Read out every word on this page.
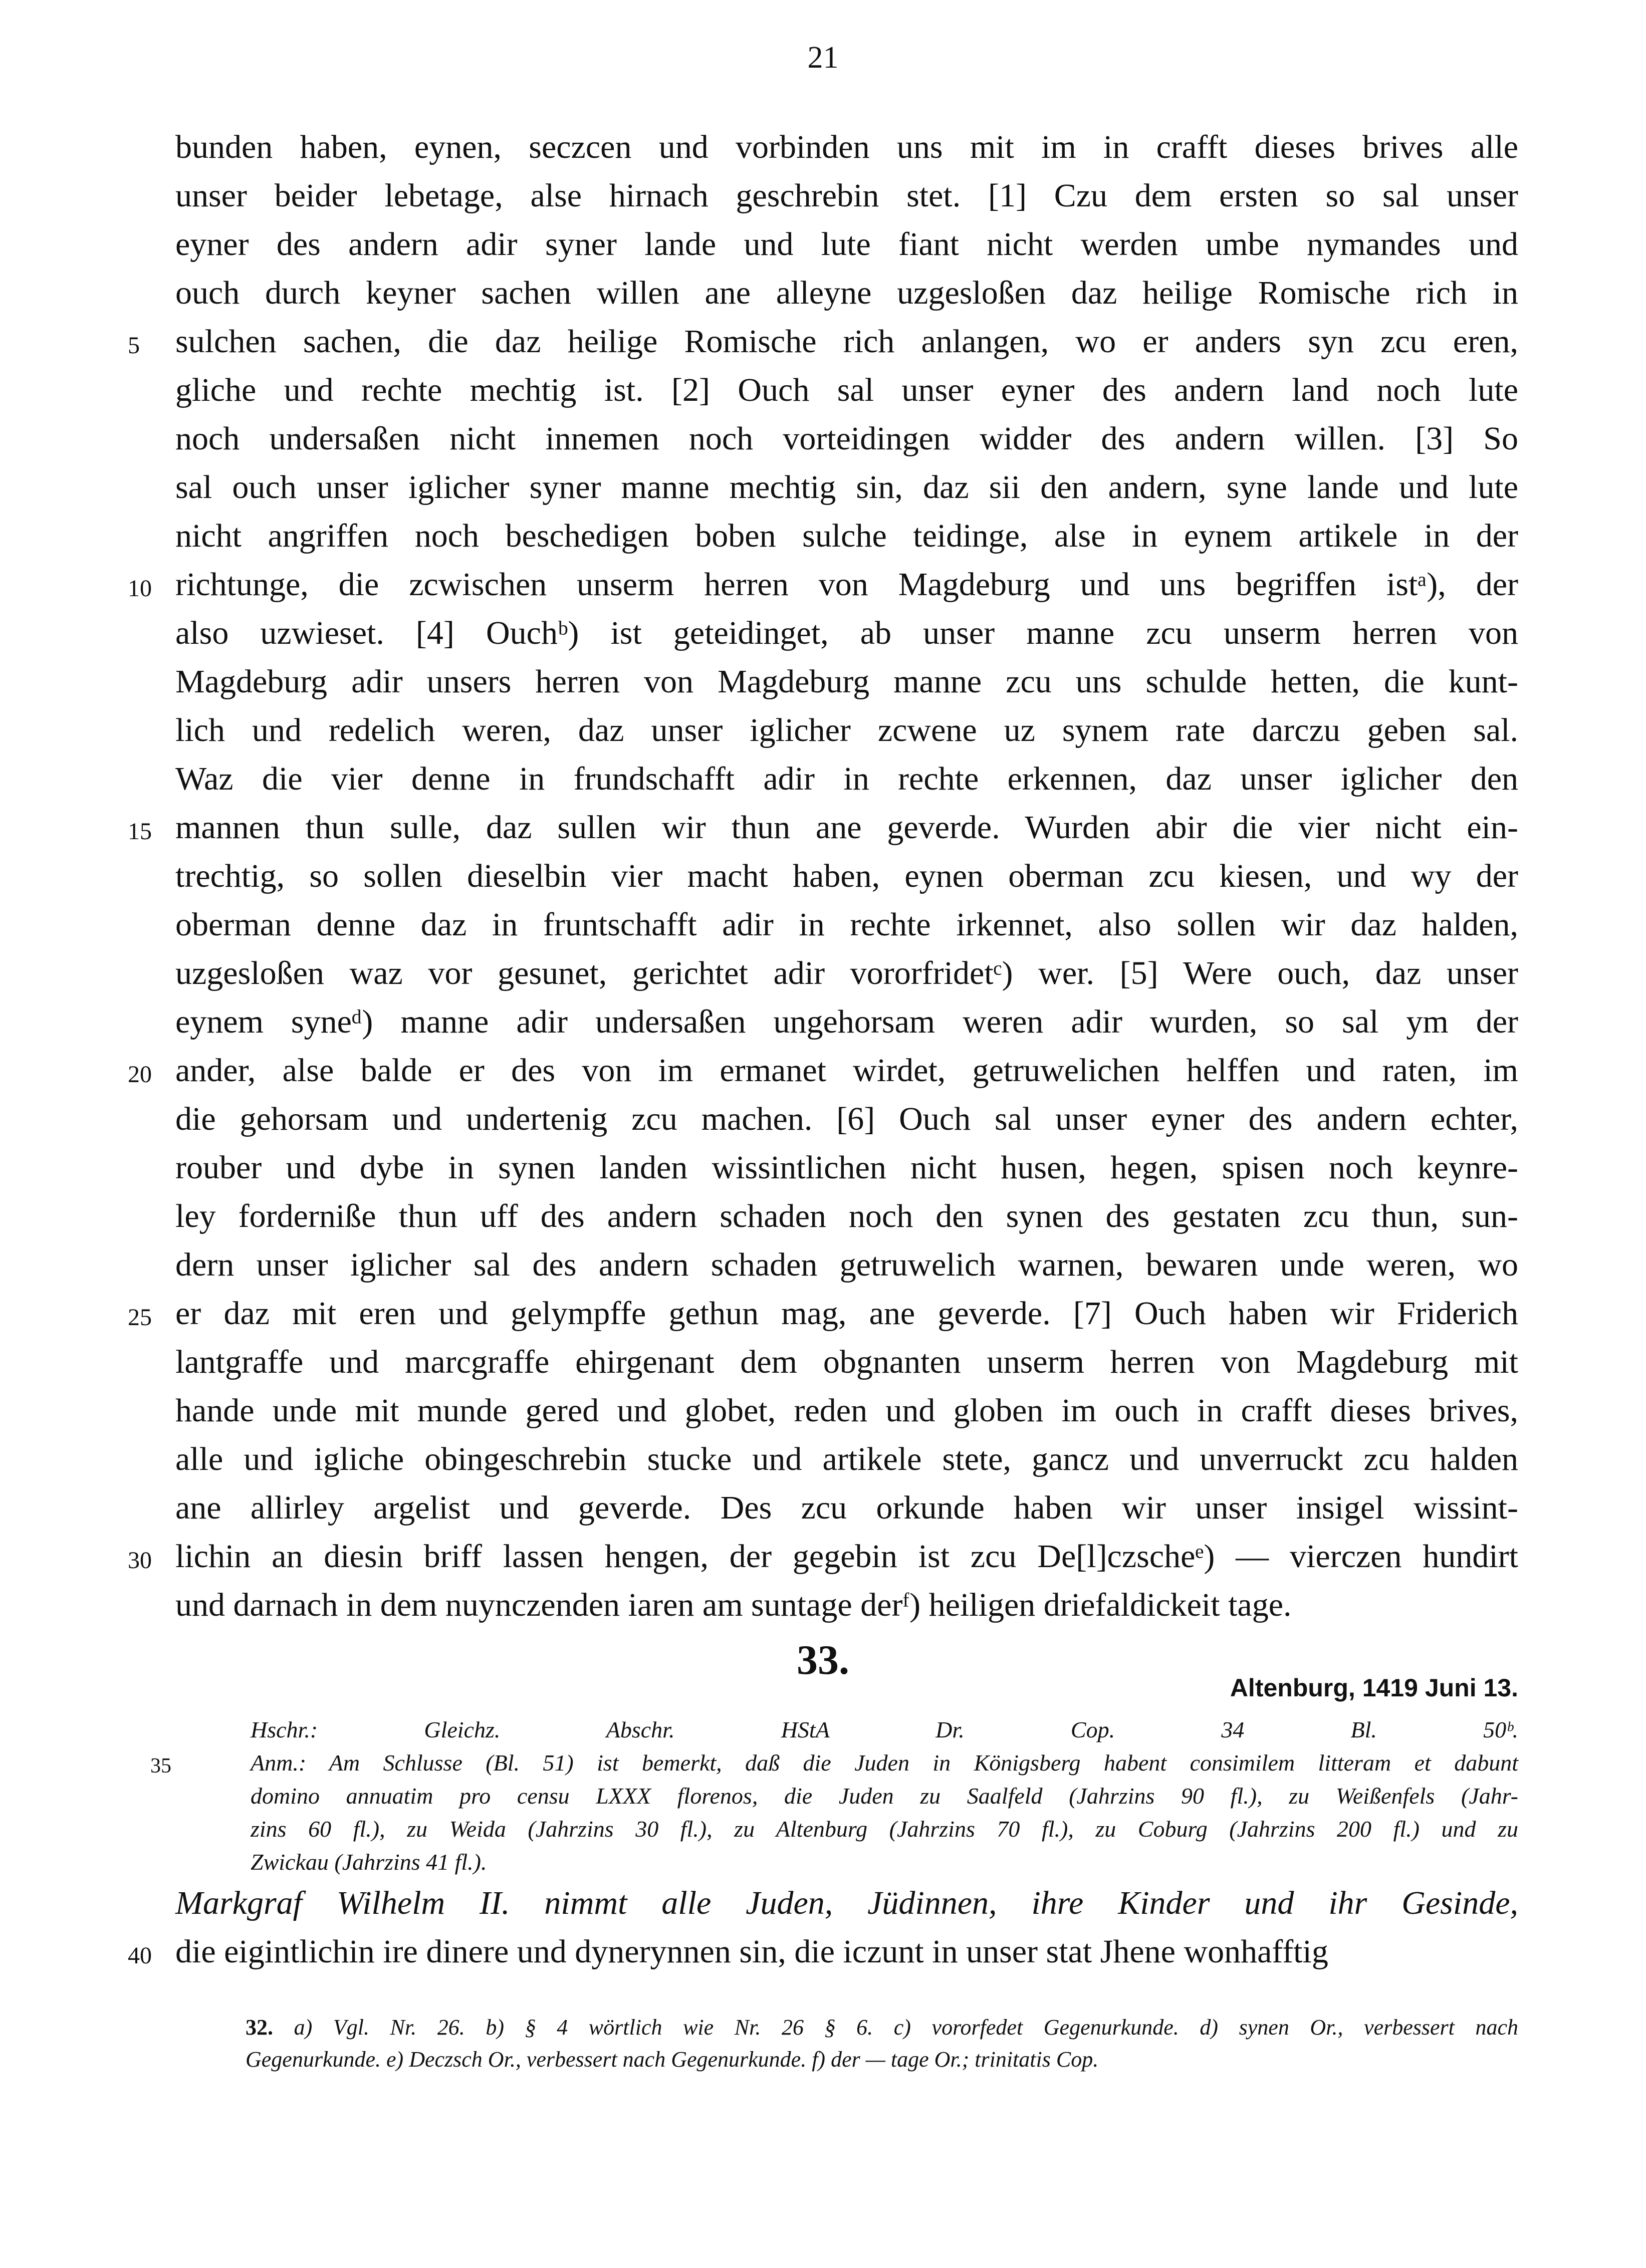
21
bunden haben, eynen, seczcen und vorbinden uns mit im in crafft dieses brives alle
unser beider lebetage, alse hirnach geschrebin stet. [1] Czu dem ersten so sal unser
eyner des andern adir syner lande und lute fiant nicht werden umbe nymandes und
ouch durch keyner sachen willen ane alleyne uzgesloßen daz heilige Romische rich in
5	sulchen sachen, die daz heilige Romische rich anlangen, wo er anders syn zcu eren,
gliche und rechte mechtig ist. [2] Ouch sal unser eyner des andern land noch lute
noch undersaßen nicht innemen noch vorteidingen widder des andern willen. [3] So
sal ouch unser iglicher syner manne mechtig sin, daz sii den andern, syne lande und lute
nicht angriffen noch beschedigen boben sulche teidinge, alse in eynem artikele in der
10 richtunge, die zcwischen unserm herren von Magdeburg und uns begriffen istᵃ), der
also uzwieset. [4] Ouchᵇ) ist geteidinget, ab unser manne zcu unserm herren von
Magdeburg adir unsers herren von Magdeburg manne zcu uns schulde hetten, die kunt-
lich und redelich weren, daz unser iglicher zcwene uz synem rate darczu geben sal.
Waz die vier denne in frundschafft adir in rechte erkennen, daz unser iglicher den
15 mannen thun sulle, daz sullen wir thun ane geverde. Wurden abir die vier nicht ein-
trechtig, so sollen dieselbin vier macht haben, eynen oberman zcu kiesen, und wy der
oberman denne daz in fruntschafft adir in rechte irkennet, also sollen wir daz halden,
uzgesloßen waz vor gesunet, gerichtet adir vororfridetᶜ) wer. [5] Were ouch, daz unser
eynem syneᵈ) manne adir undersaßen ungehorsam weren adir wurden, so sal ym der
20 ander, alse balde er des von im ermanet wirdet, getruwelichen helffen und raten, im
die gehorsam und undertenig zcu machen. [6] Ouch sal unser eyner des andern echter,
rouber und dybe in synen landen wissintlichen nicht husen, hegen, spisen noch keynre-
ley forderniße thun uff des andern schaden noch den synen des gestaten zcu thun, sun-
dern unser iglicher sal des andern schaden getruwelich warnen, bewaren unde weren, wo
25 er daz mit eren und gelympffe gethun mag, ane geverde. [7] Ouch haben wir Friderich
lantgraffe und marcgraffe ehirgenant dem obgnanten unserm herren von Magdeburg mit
hande unde mit munde gered und globet, reden und globen im ouch in crafft dieses brives,
alle und igliche obingeschrebin stucke und artikele stete, gancz und unverruckt zcu halden
ane allirley argelist und geverde. Des zcu orkunde haben wir unser insigel wissint-
30 lichin an diesin briff lassen hengen, der gegebin ist zcu De[l]czscheᵉ) — vierczen hundirt
und darnach in dem nuynczenden iaren am suntage derᶠ) heiligen driefaldickeit tage.
33.
Altenburg, 1419 Juni 13.
Hschr.: Gleichz. Abschr. HStA Dr. Cop. 34 Bl. 50ᵇ.
35	Anm.: Am Schlusse (Bl. 51) ist bemerkt, daß die Juden in Königsberg habent consimilem litteram et dabunt
domino annuatim pro censu LXXX florenos, die Juden zu Saalfeld (Jahrzins 90 fl.), zu Weißenfels (Jahr-
zins 60 fl.), zu Weida (Jahrzins 30 fl.), zu Altenburg (Jahrzins 70 fl.), zu Coburg (Jahrzins 200 fl.) und zu
Zwickau (Jahrzins 41 fl.).
Markgraf Wilhelm II. nimmt alle Juden, Jüdinnen, ihre Kinder und ihr Gesinde,
40 die eigintlichin ire dinere und dynerynnen sin, die iczunt in unser stat Jhene wonhafftig
32. a) Vgl. Nr. 26. b) § 4 wörtlich wie Nr. 26 § 6. c) vororfedet Gegenurkunde. d) synen Or., verbessert nach
Gegenurkunde. e) Deczsch Or., verbessert nach Gegenurkunde. f) der — tage Or.; trinitatis Cop.
